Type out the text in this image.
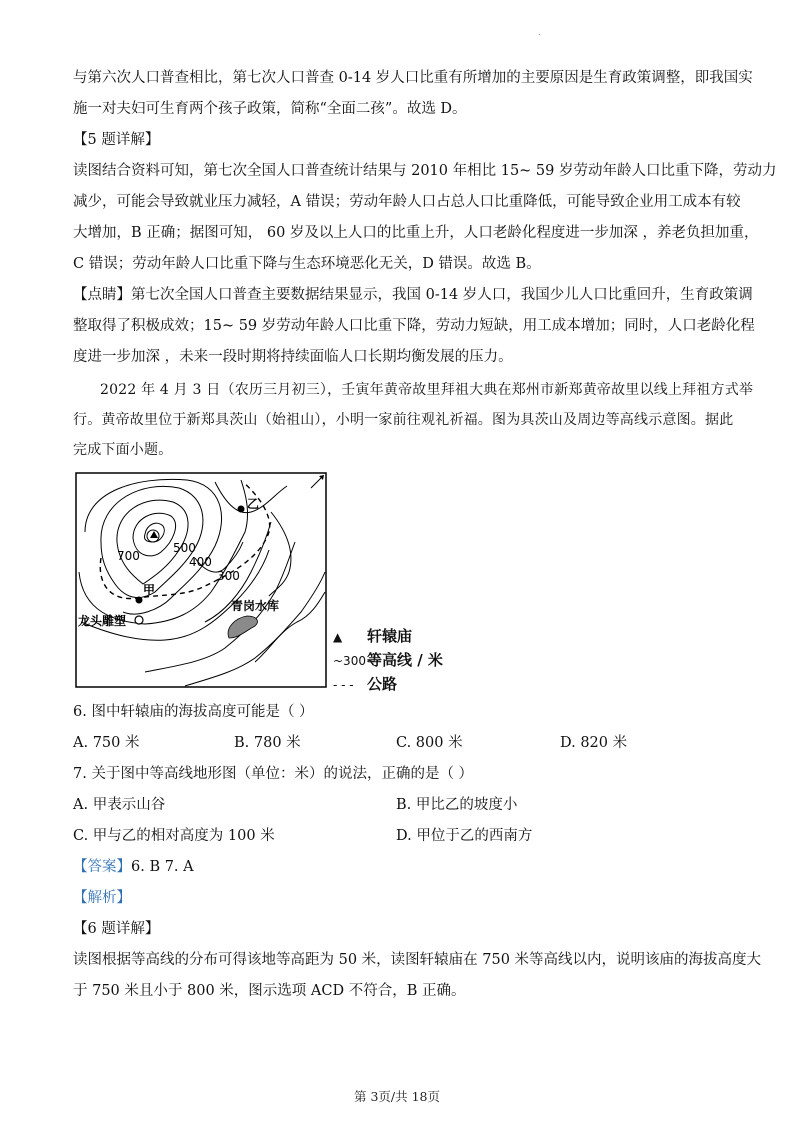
.
与第六次人口普查相比，第七次人口普查 0-14 岁人口比重有所增加的主要原因是生育政策调整，即我国实
施一对夫妇可生育两个孩子政策，简称“全面二孩”。故选 D。
【5 题详解】
读图结合资料可知，第七次全国人口普查统计结果与 2010 年相比 15~ 59 岁劳动年龄人口比重下降，劳动力
减少，可能会导致就业压力减轻，A 错误；劳动年龄人口占总人口比重降低，可能导致企业用工成本有较
大增加，B 正确；据图可知， 60 岁及以上人口的比重上升，人口老龄化程度进一步加深 ，养老负担加重，
C 错误；劳动年龄人口比重下降与生态环境恶化无关，D 错误。故选 B。
【点睛】第七次全国人口普查主要数据结果显示，我国 0-14 岁人口，我国少儿人口比重回升，生育政策调
整取得了积极成效；15~ 59 岁劳动年龄人口比重下降，劳动力短缺，用工成本增加；同时，人口老龄化程
度进一步加深 ，未来一段时期将持续面临人口长期均衡发展的压力。
2022 年 4 月 3 日（农历三月初三），壬寅年黄帝故里拜祖大典在郑州市新郑黄帝故里以线上拜祖方式举
行。黄帝故里位于新郑具茨山（始祖山），小明一家前往观礼祈福。图为具茨山及周边等高线示意图。据此
完成下面小题。
700
500
400
300
甲
乙
龙头雕塑
青岗水库
▲ 轩辕庙
~300~等高线 / 米
- - - 公路
6. 图中轩辕庙的海拔高度可能是（ ）
A. 750 米	B. 780 米	C. 800 米	D. 820 米
7. 关于图中等高线地形图（单位：米）的说法，正确的是（ ）
A. 甲表示山谷	B. 甲比乙的坡度小
C. 甲与乙的相对高度为 100 米	D. 甲位于乙的西南方
【答案】6. B 7. A
【解析】
【6 题详解】
读图根据等高线的分布可得该地等高距为 50 米，读图轩辕庙在 750 米等高线以内，说明该庙的海拔高度大
于 750 米且小于 800 米，图示选项 ACD 不符合，B 正确。
第 3页/共 18页
